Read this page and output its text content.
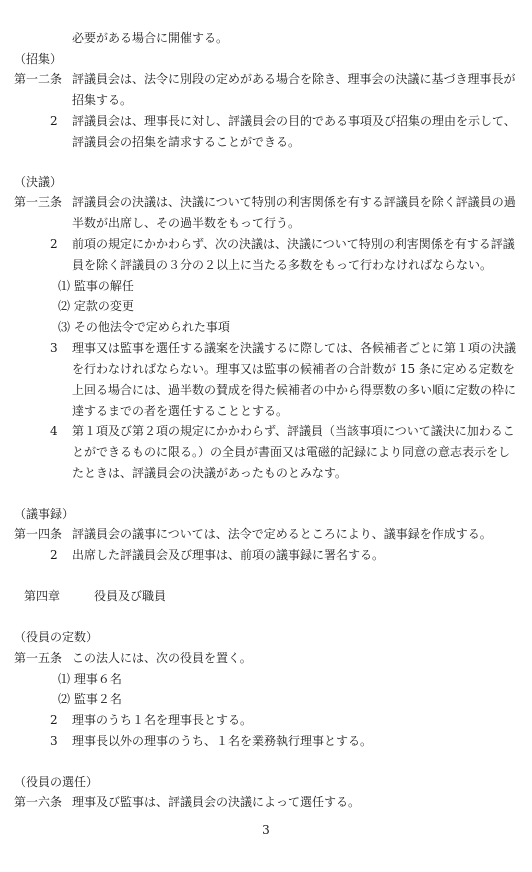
必要がある場合に開催する。
（招集）
第一二条 評議員会は、法令に別段の定めがある場合を除き、理事会の決議に基づき理事長が
招集する。
2 評議員会は、理事長に対し、評議員会の目的である事項及び招集の理由を示して、
評議員会の招集を請求することができる。
（決議）
第一三条 評議員会の決議は、決議について特別の利害関係を有する評議員を除く評議員の過
半数が出席し、その過半数をもって行う。
2 前項の規定にかかわらず、次の決議は、決議について特別の利害関係を有する評議
員を除く評議員の３分の２以上に当たる多数をもって行わなければならない。
⑴ 監事の解任
⑵ 定款の変更
⑶ その他法令で定められた事項
3 理事又は監事を選任する議案を決議するに際しては、各候補者ごとに第１項の決議
を行わなければならない。理事又は監事の候補者の合計数が 15 条に定める定数を
上回る場合には、過半数の賛成を得た候補者の中から得票数の多い順に定数の枠に
達するまでの者を選任することとする。
4 第１項及び第２項の規定にかかわらず、評議員（当該事項について議決に加わるこ
とができるものに限る。）の全員が書面又は電磁的記録により同意の意志表示をし
たときは、評議員会の決議があったものとみなす。
（議事録）
第一四条 評議員会の議事については、法令で定めるところにより、議事録を作成する。
2 出席した評議員会及び理事は、前項の議事録に署名する。
第四章	役員及び職員
（役員の定数）
第一五条 この法人には、次の役員を置く。
⑴ 理事６名
⑵ 監事２名
2 理事のうち１名を理事長とする。
3 理事長以外の理事のうち、１名を業務執行理事とする。
（役員の選任）
第一六条 理事及び監事は、評議員会の決議によって選任する。
3
